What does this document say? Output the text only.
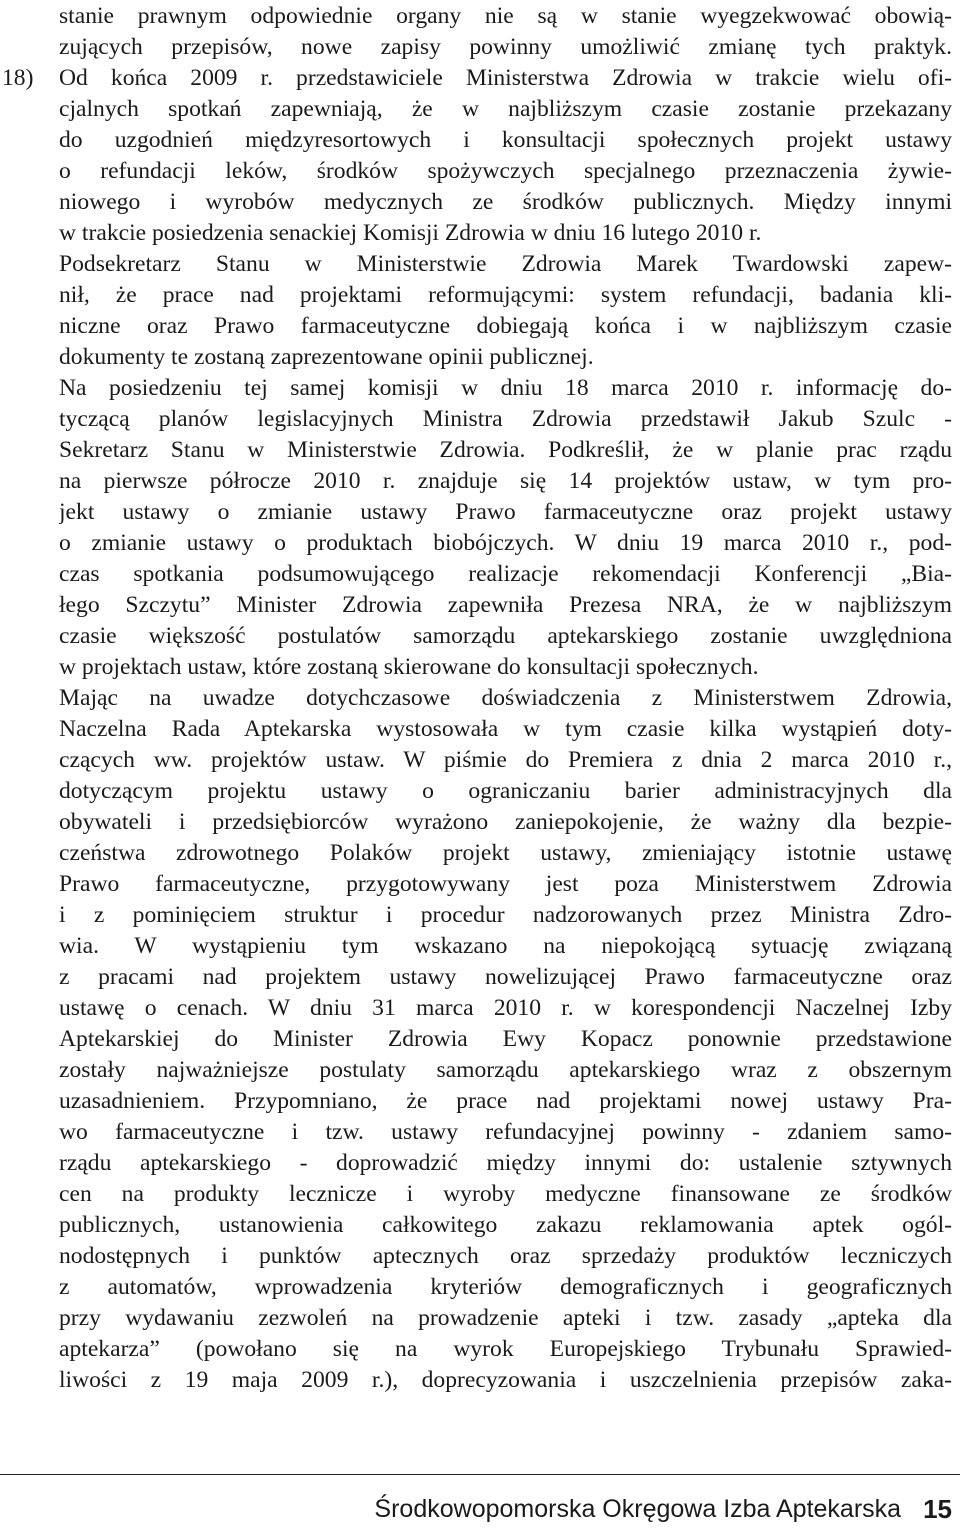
18)
stanie prawnym odpowiednie organy nie są w stanie wyegzekwować obowią-
zujących przepisów, nowe zapisy powinny umożliwić zmianę tych praktyk.
Od końca 2009 r. przedstawiciele Ministerstwa Zdrowia w trakcie wielu ofi-
cjalnych spotkań zapewniają, że w najbliższym czasie zostanie przekazany
do uzgodnień międzyresortowych i konsultacji społecznych projekt ustawy
o refundacji leków, środków spożywczych specjalnego przeznaczenia żywie-
niowego i wyrobów medycznych ze środków publicznych. Między innymi
w trakcie posiedzenia senackiej Komisji Zdrowia w dniu 16 lutego 2010 r.
Podsekretarz Stanu w Ministerstwie Zdrowia Marek Twardowski zapew-
nił, że prace nad projektami reformującymi: system refundacji, badania kli-
niczne oraz Prawo farmaceutyczne dobiegają końca i w najbliższym czasie
dokumenty te zostaną zaprezentowane opinii publicznej.
Na posiedzeniu tej samej komisji w dniu 18 marca 2010 r. informację do-
tyczącą planów legislacyjnych Ministra Zdrowia przedstawił Jakub Szulc -
Sekretarz Stanu w Ministerstwie Zdrowia. Podkreślił, że w planie prac rządu
na pierwsze półrocze 2010 r. znajduje się 14 projektów ustaw, w tym pro-
jekt ustawy o zmianie ustawy Prawo farmaceutyczne oraz projekt ustawy
o zmianie ustawy o produktach biobójczych. W dniu 19 marca 2010 r., pod-
czas spotkania podsumowującego realizacje rekomendacji Konferencji „Bia-
łego Szczytu” Minister Zdrowia zapewniła Prezesa NRA, że w najbliższym
czasie większość postulatów samorządu aptekarskiego zostanie uwzględniona
w projektach ustaw, które zostaną skierowane do konsultacji społecznych.
Mając na uwadze dotychczasowe doświadczenia z Ministerstwem Zdrowia,
Naczelna Rada Aptekarska wystosowała w tym czasie kilka wystąpień doty-
czących ww. projektów ustaw. W piśmie do Premiera z dnia 2 marca 2010 r.,
dotyczącym projektu ustawy o ograniczaniu barier administracyjnych dla
obywateli i przedsiębiorców wyrażono zaniepokojenie, że ważny dla bezpie-
czeństwa zdrowotnego Polaków projekt ustawy, zmieniający istotnie ustawę
Prawo farmaceutyczne, przygotowywany jest poza Ministerstwem Zdrowia
i z pominięciem struktur i procedur nadzorowanych przez Ministra Zdro-
wia. W wystąpieniu tym wskazano na niepokojącą sytuację związaną
z pracami nad projektem ustawy nowelizującej Prawo farmaceutyczne oraz
ustawę o cenach. W dniu 31 marca 2010 r. w korespondencji Naczelnej Izby
Aptekarskiej do Minister Zdrowia Ewy Kopacz ponownie przedstawione
zostały najważniejsze postulaty samorządu aptekarskiego wraz z obszernym
uzasadnieniem. Przypomniano, że prace nad projektami nowej ustawy Pra-
wo farmaceutyczne i tzw. ustawy refundacyjnej powinny - zdaniem samo-
rządu aptekarskiego - doprowadzić między innymi do: ustalenie sztywnych
cen na produkty lecznicze i wyroby medyczne finansowane ze środków
publicznych, ustanowienia całkowitego zakazu reklamowania aptek ogól-
nodostępnych i punktów aptecznych oraz sprzedaży produktów leczniczych
z automatów, wprowadzenia kryteriów demograficznych i geograficznych
przy wydawaniu zezwoleń na prowadzenie apteki i tzw. zasady „apteka dla
aptekarza” (powołano się na wyrok Europejskiego Trybunału Sprawied-
liwości z 19 maja 2009 r.), doprecyzowania i uszczelnienia przepisów zaka-
Środkowopomorska Okręgowa Izba Aptekarska 15
